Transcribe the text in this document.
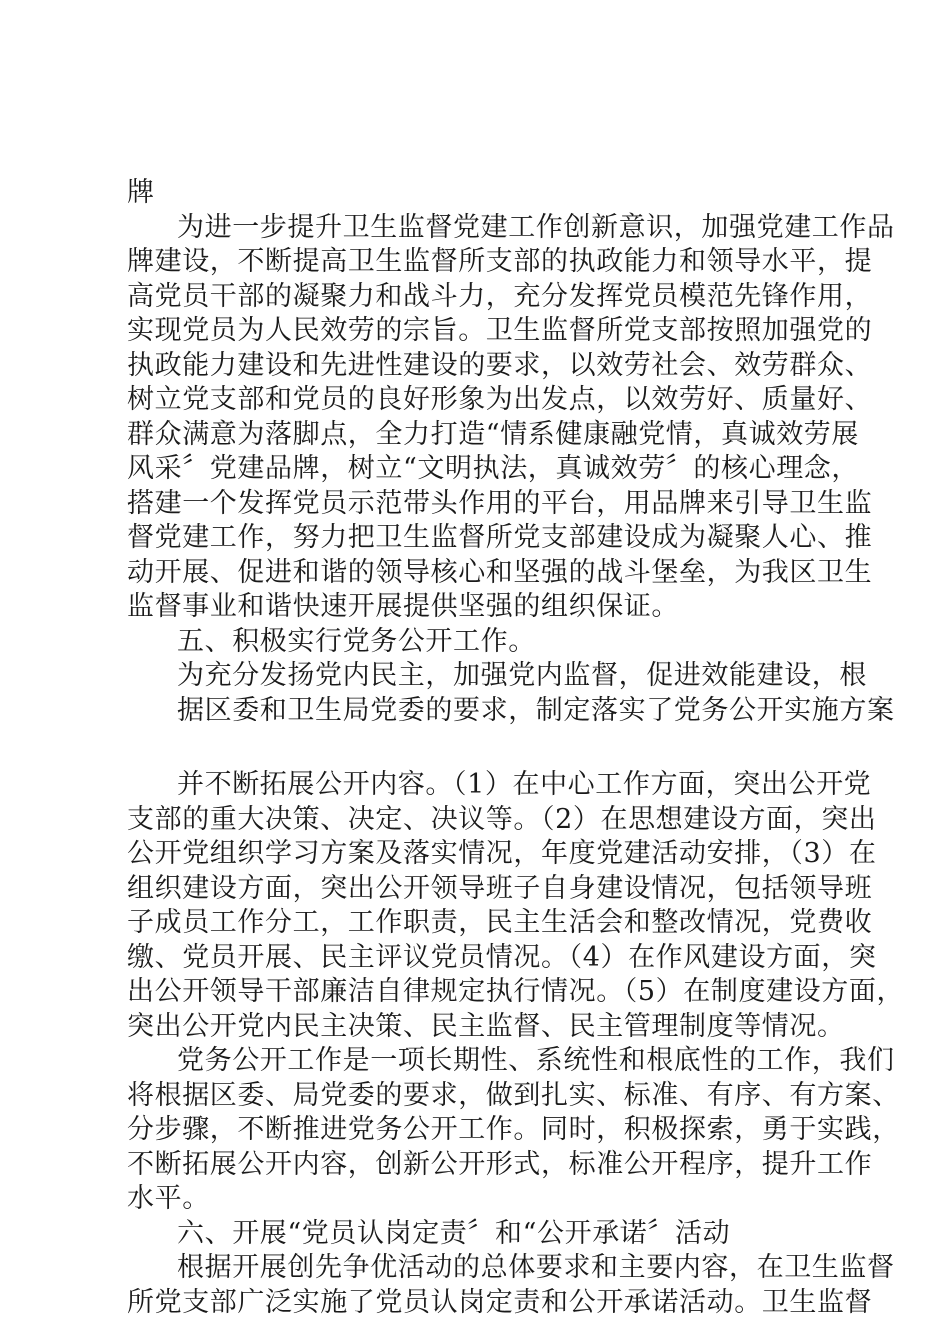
牌

为进一步提升卫生监督党建工作创新意识，加强党建工作品

牌建设，不断提高卫生监督所支部的执政能力和领导水平，提

高党员干部的凝聚力和战斗力，充分发挥党员模范先锋作用，

实现党员为人民效劳的宗旨。卫生监督所党支部按照加强党的

执政能力建设和先进性建设的要求，以效劳社会、效劳群众、

树立党支部和党员的良好形象为出发点，以效劳好、质量好、

群众满意为落脚点，全力打造“情系健康融党情，真诚效劳展

风采〞党建品牌，树立“文明执法，真诚效劳〞的核心理念，

搭建一个发挥党员示范带头作用的平台，用品牌来引导卫生监

督党建工作，努力把卫生监督所党支部建设成为凝聚人心、推

动开展、促进和谐的领导核心和坚强的战斗堡垒，为我区卫生

监督事业和谐快速开展提供坚强的组织保证。

五、积极实行党务公开工作。

为充分发扬党内民主，加强党内监督，促进效能建设，根

据区委和卫生局党委的要求，制定落实了党务公开实施方案

并不断拓展公开内容。（1）在中心工作方面，突出公开党

支部的重大决策、决定、决议等。（2）在思想建设方面，突出

公开党组织学习方案及落实情况，年度党建活动安排，（3）在

组织建设方面，突出公开领导班子自身建设情况，包括领导班

子成员工作分工，工作职责，民主生活会和整改情况，党费收

缴、党员开展、民主评议党员情况。（4）在作风建设方面，突

出公开领导干部廉洁自律规定执行情况。（5）在制度建设方面，

突出公开党内民主决策、民主监督、民主管理制度等情况。

党务公开工作是一项长期性、系统性和根底性的工作，我们

将根据区委、局党委的要求，做到扎实、标准、有序、有方案、

分步骤，不断推进党务公开工作。同时，积极探索，勇于实践，

不断拓展公开内容，创新公开形式，标准公开程序，提升工作

水平。

六、开展“党员认岗定责〞和“公开承诺〞活动

根据开展创先争优活动的总体要求和主要内容，在卫生监督

所党支部广泛实施了党员认岗定责和公开承诺活动。卫生监督
